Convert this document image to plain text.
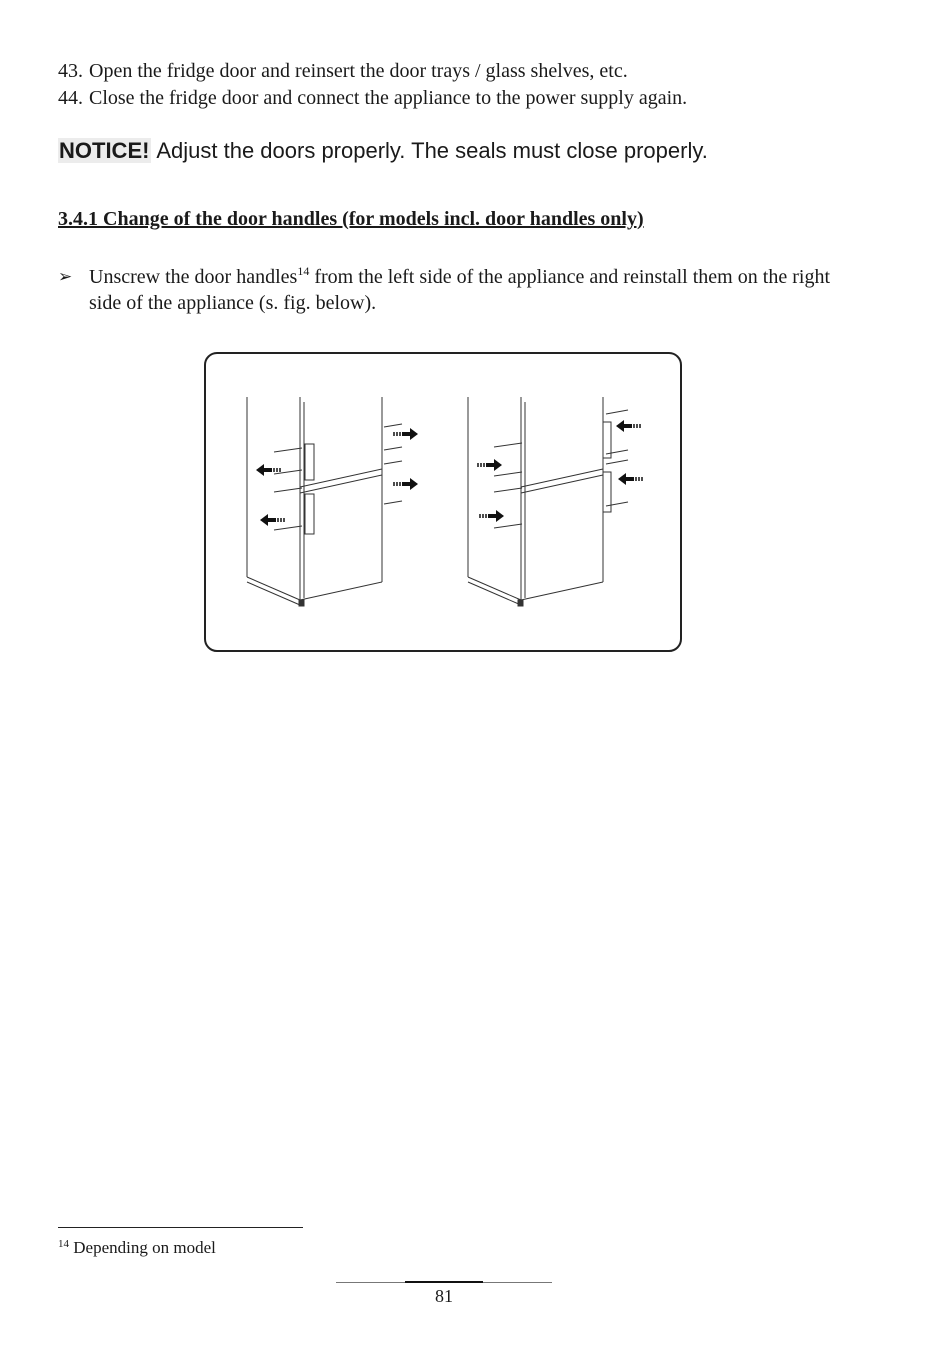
43. Open the fridge door and reinsert the door trays / glass shelves, etc.
44. Close the fridge door and connect the appliance to the power supply again.
NOTICE! Adjust the doors properly. The seals must close properly.
3.4.1 Change of the door handles (for models incl. door handles only)
➢ Unscrew the door handles$^{14}$ from the left side of the appliance and reinstall them on the right side of the appliance (s. fig. below).
$^{14}$ Depending on model
81
